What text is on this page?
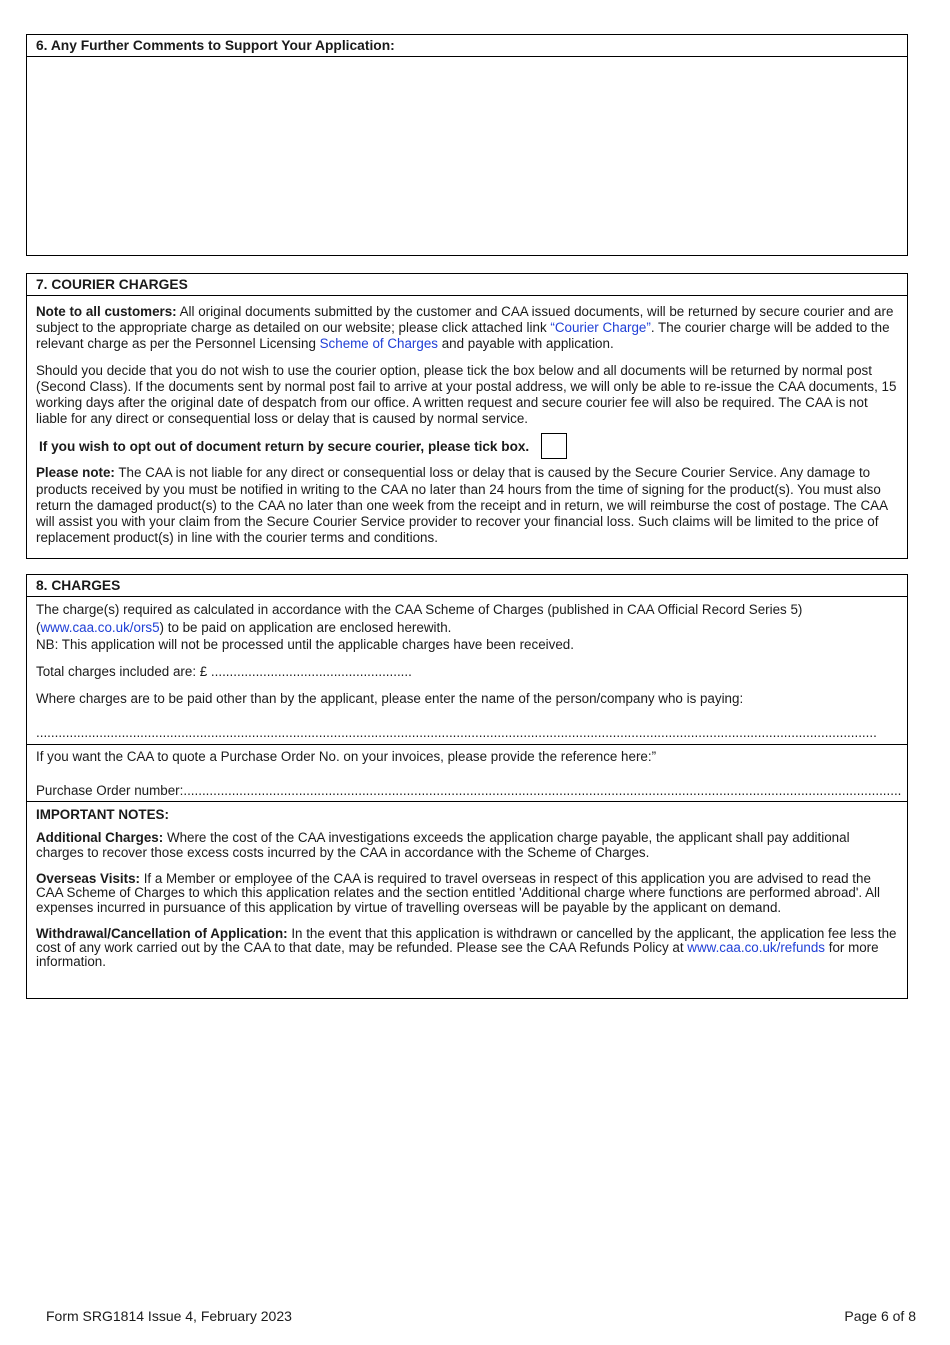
6. Any Further Comments to Support Your Application:
7. COURIER CHARGES

Note to all customers: All original documents submitted by the customer and CAA issued documents, will be returned by secure courier and are subject to the appropriate charge as detailed on our website; please click attached link “Courier Charge”. The courier charge will be added to the relevant charge as per the Personnel Licensing Scheme of Charges and payable with application.

Should you decide that you do not wish to use the courier option, please tick the box below and all documents will be returned by normal post (Second Class). If the documents sent by normal post fail to arrive at your postal address, we will only be able to re-issue the CAA documents, 15 working days after the original date of despatch from our office. A written request and secure courier fee will also be required. The CAA is not liable for any direct or consequential loss or delay that is caused by normal service.

If you wish to opt out of document return by secure courier, please tick box.

Please note: The CAA is not liable for any direct or consequential loss or delay that is caused by the Secure Courier Service. Any damage to products received by you must be notified in writing to the CAA no later than 24 hours from the time of signing for the product(s). You must also return the damaged product(s) to the CAA no later than one week from the receipt and in return, we will reimburse the cost of postage. The CAA will assist you with your claim from the Secure Courier Service provider to recover your financial loss. Such claims will be limited to the price of replacement product(s) in line with the courier terms and conditions.

8. CHARGES

The charge(s) required as calculated in accordance with the CAA Scheme of Charges (published in CAA Official Record Series 5) (www.caa.co.uk/ors5) to be paid on application are enclosed herewith.

NB: This application will not be processed until the applicable charges have been received.

Total charges included are: £ ......................................................

Where charges are to be paid other than by the applicant, please enter the name of the person/company who is paying:

..................................................................................................................................................................................................................................

If you want the CAA to quote a Purchase Order No. on your invoices, please provide the reference here:”

Purchase Order number:.................................................................................................................................................................................................

IMPORTANT NOTES:

Additional Charges: Where the cost of the CAA investigations exceeds the application charge payable, the applicant shall pay additional charges to recover those excess costs incurred by the CAA in accordance with the Scheme of Charges.

Overseas Visits: If a Member or employee of the CAA is required to travel overseas in respect of this application you are advised to read the CAA Scheme of Charges to which this application relates and the section entitled 'Additional charge where functions are performed abroad'. All expenses incurred in pursuance of this application by virtue of travelling overseas will be payable by the applicant on demand.

Withdrawal/Cancellation of Application: In the event that this application is withdrawn or cancelled by the applicant, the application fee less the cost of any work carried out by the CAA to that date, may be refunded. Please see the CAA Refunds Policy at www.caa.co.uk/refunds for more information.

Form SRG1814 Issue 4, February 2023	Page 6 of 8
